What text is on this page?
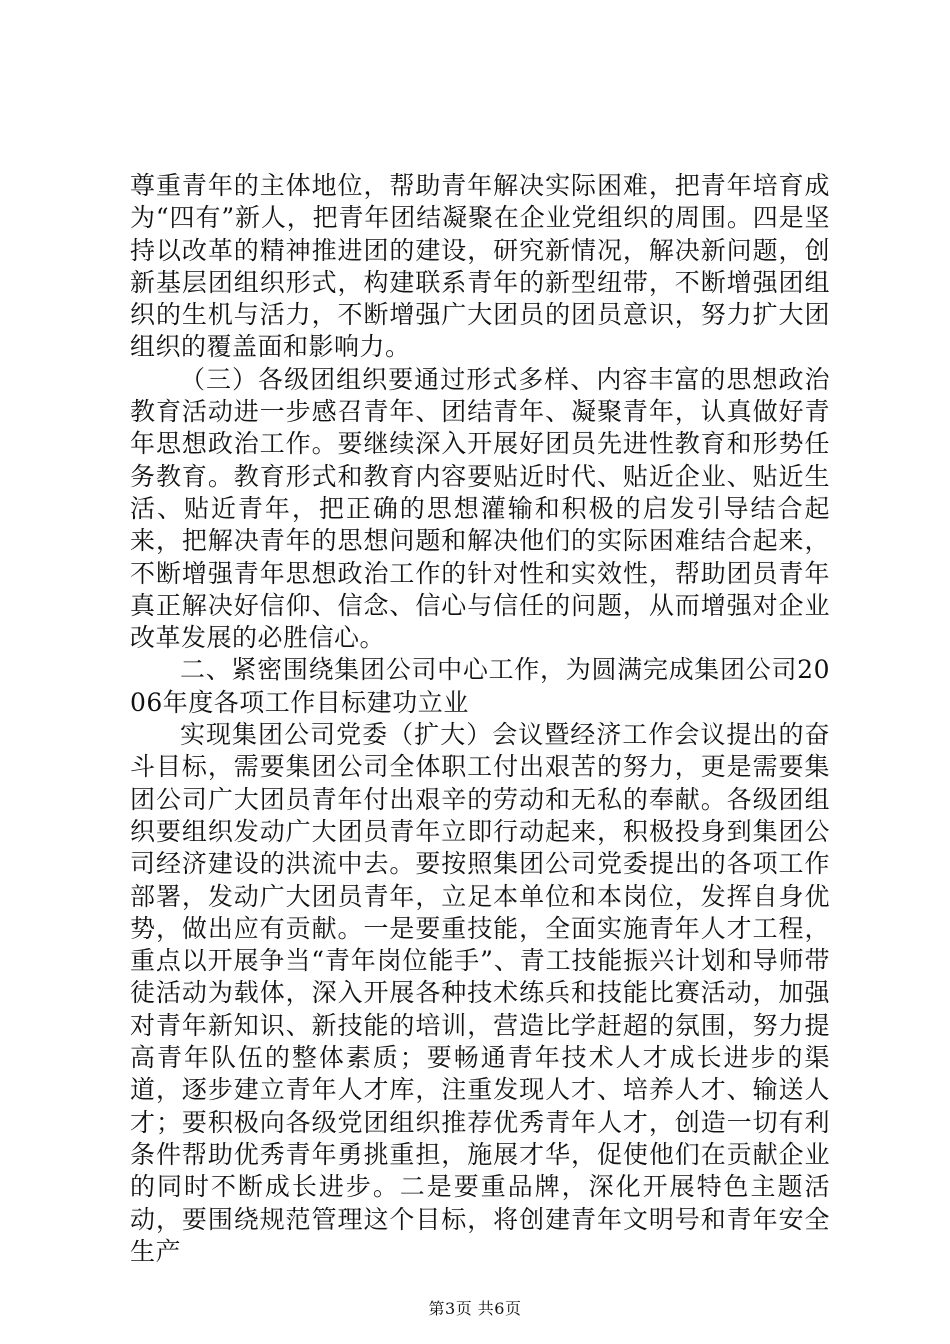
尊重青年的主体地位，帮助青年解决实际困难，把青年培育成为“四有”新人，把青年团结凝聚在企业党组织的周围。四是坚持以改革的精神推进团的建设，研究新情况，解决新问题，创新基层团组织形式，构建联系青年的新型纽带，不断增强团组织的生机与活力，不断增强广大团员的团员意识，努力扩大团组织的覆盖面和影响力。

（三）各级团组织要通过形式多样、内容丰富的思想政治教育活动进一步感召青年、团结青年、凝聚青年，认真做好青年思想政治工作。要继续深入开展好团员先进性教育和形势任务教育。教育形式和教育内容要贴近时代、贴近企业、贴近生活、贴近青年，把正确的思想灌输和积极的启发引导结合起来，把解决青年的思想问题和解决他们的实际困难结合起来，不断增强青年思想政治工作的针对性和实效性，帮助团员青年真正解决好信仰、信念、信心与信任的问题，从而增强对企业改革发展的必胜信心。

二、紧密围绕集团公司中心工作，为圆满完成集团公司2006年度各项工作目标建功立业

实现集团公司党委（扩大）会议暨经济工作会议提出的奋斗目标，需要集团公司全体职工付出艰苦的努力，更是需要集团公司广大团员青年付出艰辛的劳动和无私的奉献。各级团组织要组织发动广大团员青年立即行动起来，积极投身到集团公司经济建设的洪流中去。要按照集团公司党委提出的各项工作部署，发动广大团员青年，立足本单位和本岗位，发挥自身优势，做出应有贡献。一是要重技能，全面实施青年人才工程，重点以开展争当“青年岗位能手”、青工技能振兴计划和导师带徒活动为载体，深入开展各种技术练兵和技能比赛活动，加强对青年新知识、新技能的培训，营造比学赶超的氛围，努力提高青年队伍的整体素质；要畅通青年技术人才成长进步的渠道，逐步建立青年人才库，注重发现人才、培养人才、输送人才；要积极向各级党团组织推荐优秀青年人才，创造一切有利条件帮助优秀青年勇挑重担，施展才华，促使他们在贡献企业的同时不断成长进步。二是要重品牌，深化开展特色主题活动，要围绕规范管理这个目标，将创建青年文明号和青年安全生产

第3页 共6页
